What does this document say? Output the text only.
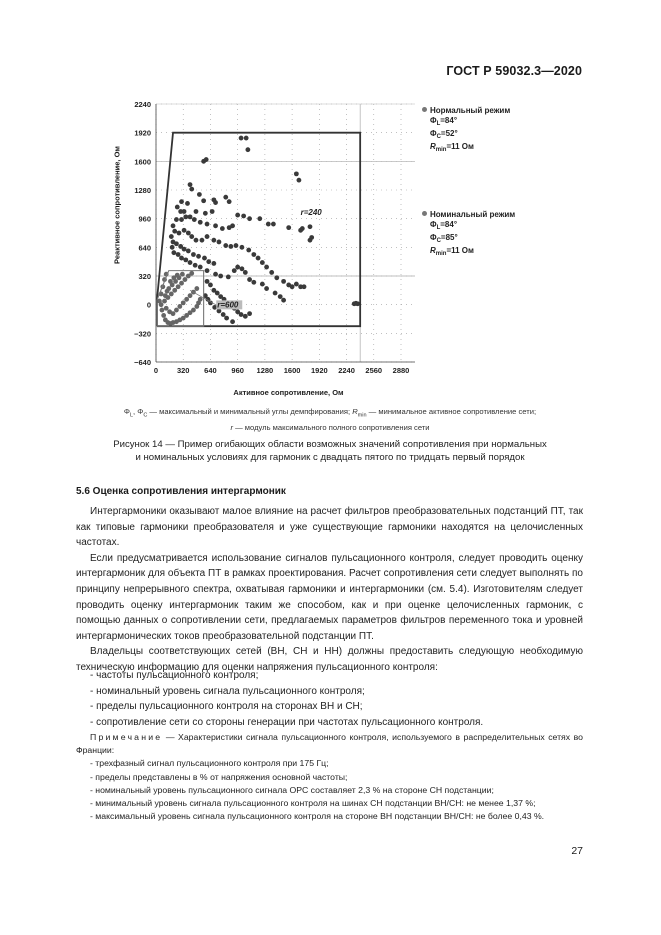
ГОСТ Р 59032.3—2020
0	320 640 960 1280 1600 1920 2240 2560 2880
2240
1920
1600
1280
960
640
320
0
−320
−640
Активное сопротивление, Ом
r=240
r=600
Нормальный режим
$\Phi_L=84^\circ$
$\Phi_C=52^\circ$
$R_{min}=11$ Ом
Номинальный режим
$\Phi_L=84^\circ$
$\Phi_C=85^\circ$
$R_{min}=11$ Ом
Реактивное сопротивление, Ом
$\Phi_L$, $\Phi_C$ — максимальный и минимальный углы демпфирования; $R_{min}$ — минимальное активное сопротивление сети;
r — модуль максимального полного сопротивления сети
Рисунок 14 — Пример огибающих области возможных значений сопротивления при нормальных
и номинальных условиях для гармоник с двадцать пятого по тридцать первый порядок
5.6 Оценка сопротивления интергармоник

Интергармоники оказывают малое влияние на расчет фильтров преобразовательных подстанций ПТ, так как типовые гармоники преобразователя и уже существующие гармоники находятся на целочисленных частотах.

Если предусматривается использование сигналов пульсационного контроля, следует проводить оценку интергармоник для объекта ПТ в рамках проектирования. Расчет сопротивления сети следует выполнять по принципу непрерывного спектра, охватывая гармоники и интергармоники (см. 5.4). Изготовителям следует проводить оценку интергармоник таким же способом, как и при оценке целочисленных гармоник, с помощью данных о сопротивлении сети, предлагаемых параметров фильтров переменного тока и уровней интергармонических токов преобразовательной подстанции ПТ.

Владельцы соответствующих сетей (ВН, СН и НН) должны предоставить следующую необходимую техническую информацию для оценки напряжения пульсационного контроля:

- частоты пульсационного контроля;
- номинальный уровень сигнала пульсационного контроля;
- пределы пульсационного контроля на сторонах ВН и СН;
- сопротивление сети со стороны генерации при частотах пульсационного контроля.

Примечание — Характеристики сигнала пульсационного контроля, используемого в распределительных сетях во Франции:

- трехфазный сигнал пульсационного контроля при 175 Гц;

- пределы представлены в % от напряжения основной частоты;

- номинальный уровень пульсационного сигнала ОРС составляет 2,3 % на стороне СН подстанции;

- минимальный уровень сигнала пульсационного контроля на шинах СН подстанции ВН/СН: не менее 1,37 %;

- максимальный уровень сигнала пульсационного контроля на стороне ВН подстанции ВН/СН: не более 0,43 %.

27
